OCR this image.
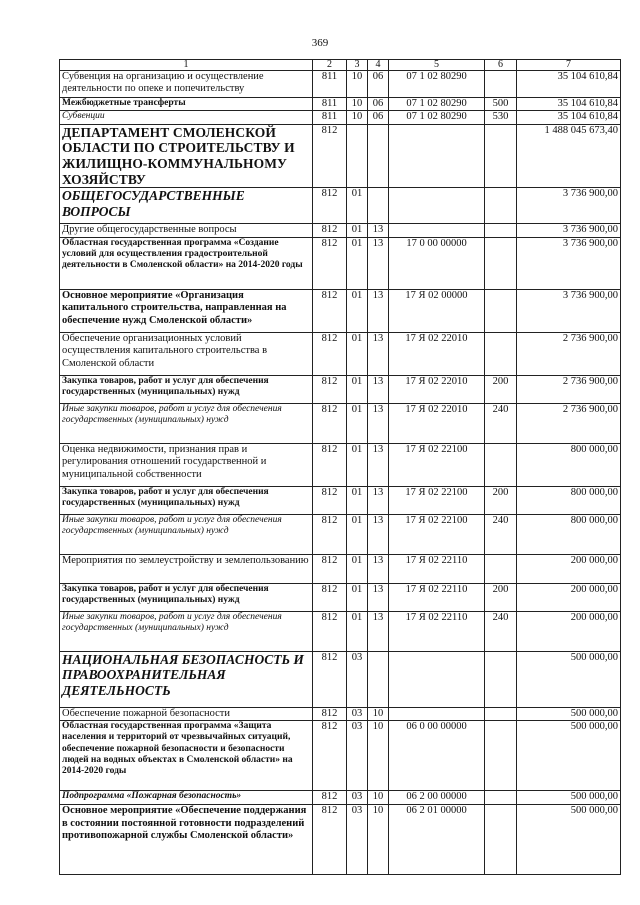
369
1	2	3	4	5	6	7
Субвенция на организацию и осуществление деятельности по опеке и попечительству	811	10	06	07 1 02 80290		35 104 610,84
Межбюджетные трансферты	811	10	06	07 1 02 80290	500	35 104 610,84
Субвенции	811	10	06	07 1 02 80290	530	35 104 610,84
ДЕПАРТАМЕНТ СМОЛЕНСКОЙ ОБЛАСТИ ПО СТРОИТЕЛЬСТВУ И ЖИЛИЩНО-КОММУНАЛЬНОМУ ХОЗЯЙСТВУ	812					1 488 045 673,40
ОБЩЕГОСУДАРСТВЕННЫЕ ВОПРОСЫ	812	01				3 736 900,00
Другие общегосударственные вопросы	812	01	13			3 736 900,00
Областная государственная программа «Создание условий для осуществления градостроительной деятельности в Смоленской области» на 2014-2020 годы	812	01	13	17 0 00 00000		3 736 900,00
Основное мероприятие «Организация капитального строительства, направленная на обеспечение нужд Смоленской области»	812	01	13	17 Я 02 00000		3 736 900,00
Обеспечение организационных условий осуществления капитального строительства в Смоленской области	812	01	13	17 Я 02 22010		2 736 900,00
Закупка товаров, работ и услуг для обеспечения государственных (муниципальных) нужд	812	01	13	17 Я 02 22010	200	2 736 900,00
Иные закупки товаров, работ и услуг для обеспечения государственных (муниципальных) нужд	812	01	13	17 Я 02 22010	240	2 736 900,00
Оценка недвижимости, признания прав и регулирования отношений государственной и муниципальной собственности	812	01	13	17 Я 02 22100		800 000,00
Закупка товаров, работ и услуг для обеспечения государственных (муниципальных) нужд	812	01	13	17 Я 02 22100	200	800 000,00
Иные закупки товаров, работ и услуг для обеспечения государственных (муниципальных) нужд	812	01	13	17 Я 02 22100	240	800 000,00
Мероприятия по землеустройству и землепользованию	812	01	13	17 Я 02 22110		200 000,00
Закупка товаров, работ и услуг для обеспечения государственных (муниципальных) нужд	812	01	13	17 Я 02 22110	200	200 000,00
Иные закупки товаров, работ и услуг для обеспечения государственных (муниципальных) нужд	812	01	13	17 Я 02 22110	240	200 000,00
НАЦИОНАЛЬНАЯ БЕЗОПАСНОСТЬ И ПРАВООХРАНИТЕЛЬНАЯ ДЕЯТЕЛЬНОСТЬ	812	03				500 000,00
Обеспечение пожарной безопасности	812	03	10			500 000,00
Областная государственная программа «Защита населения и территорий от чрезвычайных ситуаций, обеспечение пожарной безопасности и безопасности людей на водных объектах в Смоленской области» на 2014-2020 годы	812	03	10	06 0 00 00000		500 000,00
Подпрограмма «Пожарная безопасность»	812	03	10	06 2 00 00000		500 000,00
Основное мероприятие «Обеспечение поддержания в состоянии постоянной готовности подразделений противопожарной службы Смоленской области»	812	03	10	06 2 01 00000		500 000,00
